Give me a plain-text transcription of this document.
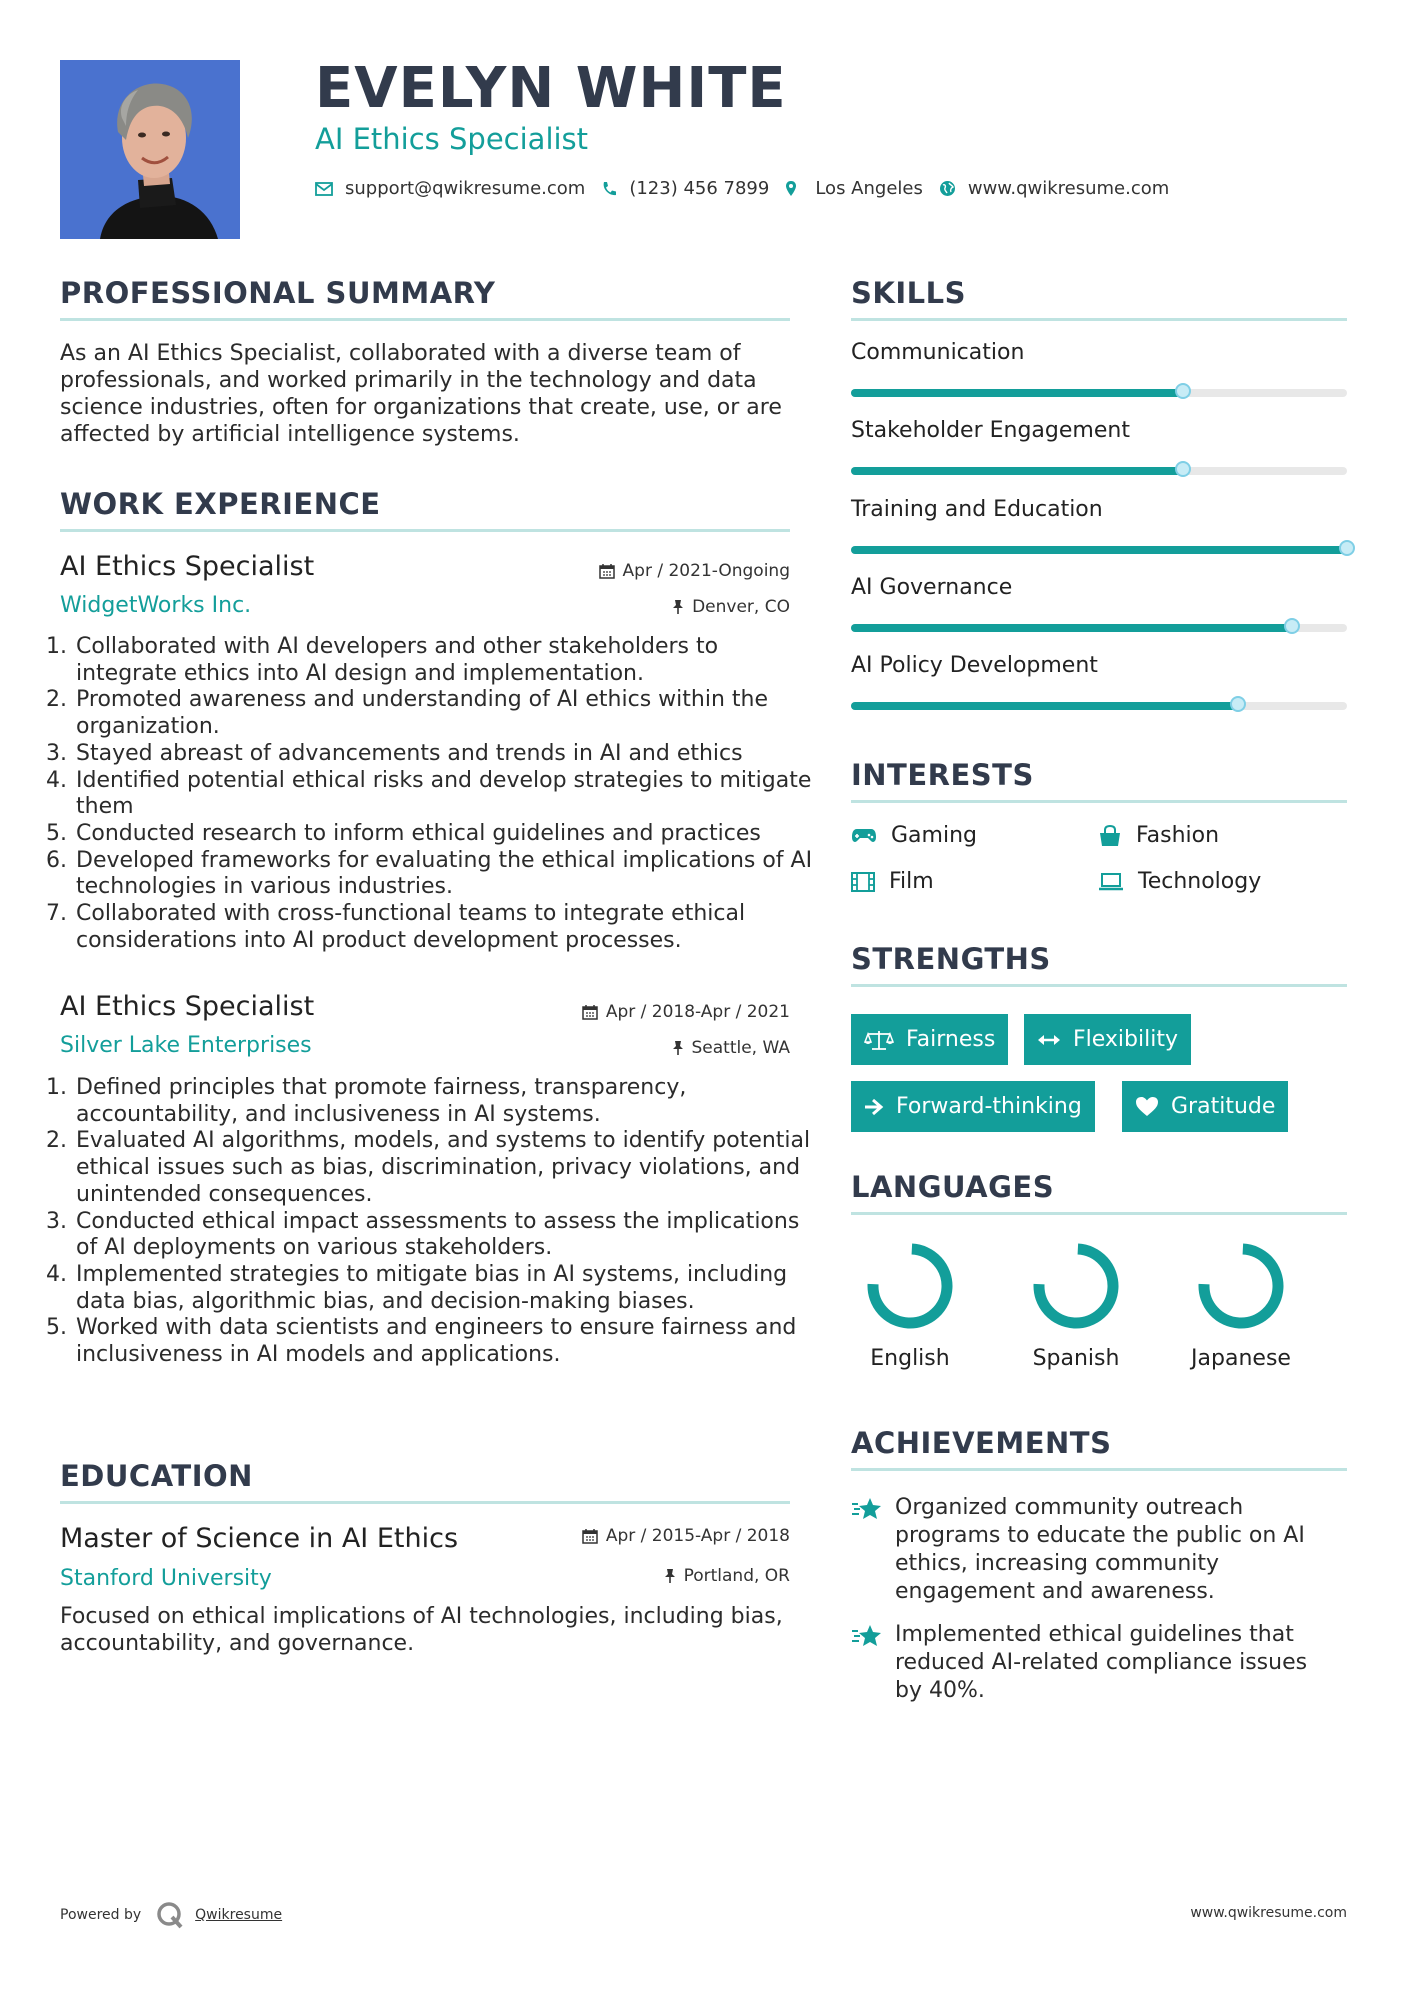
EVELYN WHITE
AI Ethics Specialist
support@qwikresume.com (123) 456 7899	Los Angeles	www.qwikresume.com
PROFESSIONAL SUMMARY
As an AI Ethics Specialist, collaborated with a diverse team of professionals, and worked primarily in the technology and data science industries, often for organizations that create, use, or are affected by artificial intelligence systems.
WORK EXPERIENCE
AI Ethics Specialist
WidgetWorks Inc.
Apr / 2021-Ongoing
Denver, CO
1. Collaborated with AI developers and other stakeholders to integrate ethics into AI design and implementation.
2. Promoted awareness and understanding of AI ethics within the organization.
3. Stayed abreast of advancements and trends in AI and ethics
4. Identified potential ethical risks and develop strategies to mitigate them
5. Conducted research to inform ethical guidelines and practices
6. Developed frameworks for evaluating the ethical implications of AI technologies in various industries.
7. Collaborated with cross-functional teams to integrate ethical considerations into AI product development processes.
AI Ethics Specialist
Silver Lake Enterprises
Apr / 2018-Apr / 2021
Seattle, WA
1. Defined principles that promote fairness, transparency, accountability, and inclusiveness in AI systems.
2. Evaluated AI algorithms, models, and systems to identify potential ethical issues such as bias, discrimination, privacy violations, and unintended consequences.
3. Conducted ethical impact assessments to assess the implications of AI deployments on various stakeholders.
4. Implemented strategies to mitigate bias in AI systems, including data bias, algorithmic bias, and decision-making biases.
5. Worked with data scientists and engineers to ensure fairness and inclusiveness in AI models and applications.
EDUCATION
Master of Science in AI Ethics
Stanford University
Apr / 2015-Apr / 2018
Portland, OR
Focused on ethical implications of AI technologies, including bias, accountability, and governance.
SKILLS
Communication
Stakeholder Engagement
Training and Education
AI Governance
AI Policy Development
INTERESTS
Gaming	Fashion
Film	Technology
STRENGTHS
Fairness	Flexibility
Forward-thinking	Gratitude
LANGUAGES
English	Spanish	Japanese
ACHIEVEMENTS
Organized community outreach programs to educate the public on AI ethics, increasing community engagement and awareness.
Implemented ethical guidelines that reduced AI-related compliance issues by 40%.
Powered by	Qwikresume	www.qwikresume.com
